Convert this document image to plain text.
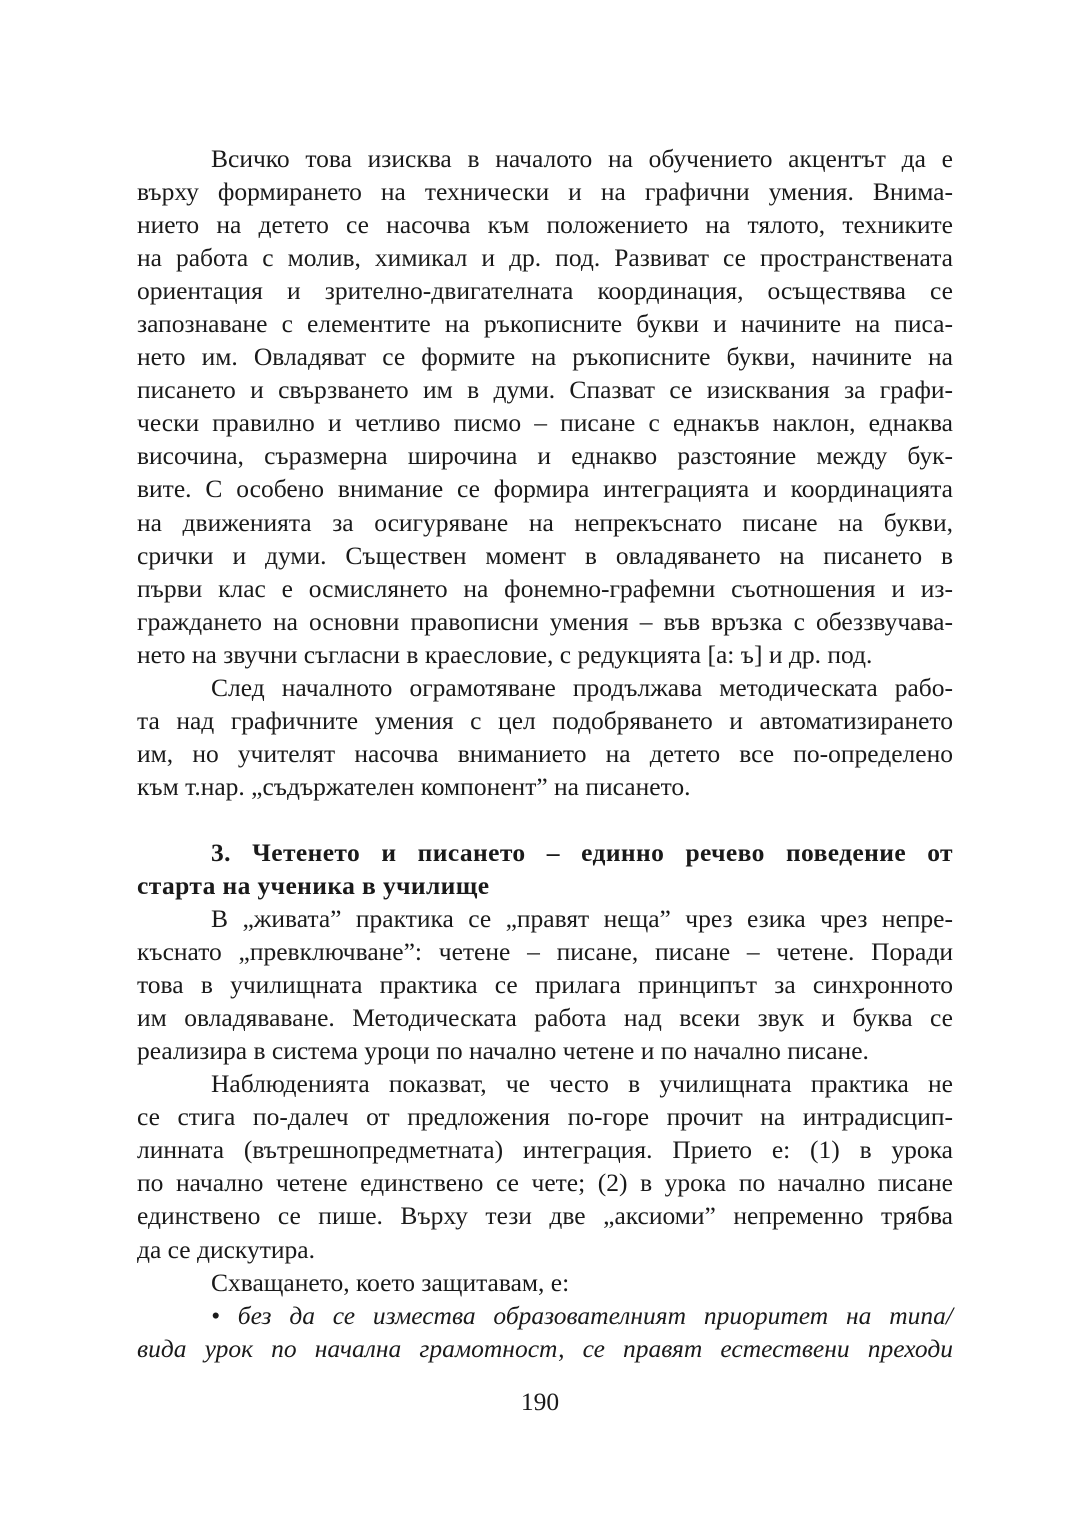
Всичко това изисква в началото на обучението акцентът да е
върху формирането на технически и на графични умения. Внима-
нието на детето се насочва към положението на тялото, техниките
на работа с молив, химикал и др. под. Развиват се пространствената
ориентация и зрително-двигателната координация, осъществява се
запознаване с елементите на ръкописните букви и начините на писа-
нето им. Овладяват се формите на ръкописните букви, начините на
писането и свързването им в думи. Спазват се изисквания за графи-
чески правилно и четливо писмо – писане с еднакъв наклон, еднаква
височина, съразмерна широчина и еднакво разстояние между бук-
вите. С особено внимание се формира интеграцията и координацията
на движенията за осигуряване на непрекъснато писане на букви,
срички и думи. Съществен момент в овладяването на писането в
първи клас е осмислянето на фонемно-графемни съотношения и из-
граждането на основни правописни умения – във връзка с обеззвучава-
нето на звучни съгласни в краесловие, с редукцията [а: ъ] и др. под.
След началното ограмотяване продължава методическата рабо-
та над графичните умения с цел подобряването и автоматизирането
им, но учителят насочва вниманието на детето все по-определено
към т.нар. „съдържателен компонент” на писането.
3. Четенето и писането – единно речево поведение от
старта на ученика в училище
В „живата” практика се „правят неща” чрез езика чрез непре-
къснато „превключване”: четене – писане, писане – четене. Поради
това в училищната практика се прилага принципът за синхронното
им овладяваване. Методическата работа над всеки звук и буква се
реализира в система уроци по начално четене и по начално писане.
Наблюденията показват, че често в училищната практика не
се стига по-далеч от предложения по-горе прочит на интрадисцип-
линната (вътрешнопредметната) интеграция. Прието е: (1) в урока
по начално четене единствено се чете; (2) в урока по начално писане
единствено се пише. Върху тези две „аксиоми” непременно трябва
да се дискутира.
Схващането, което защитавам, е:
• без да се измества образователният приоритет на типа/
вида урок по начална грамотност, се правят естествени преходи
190
